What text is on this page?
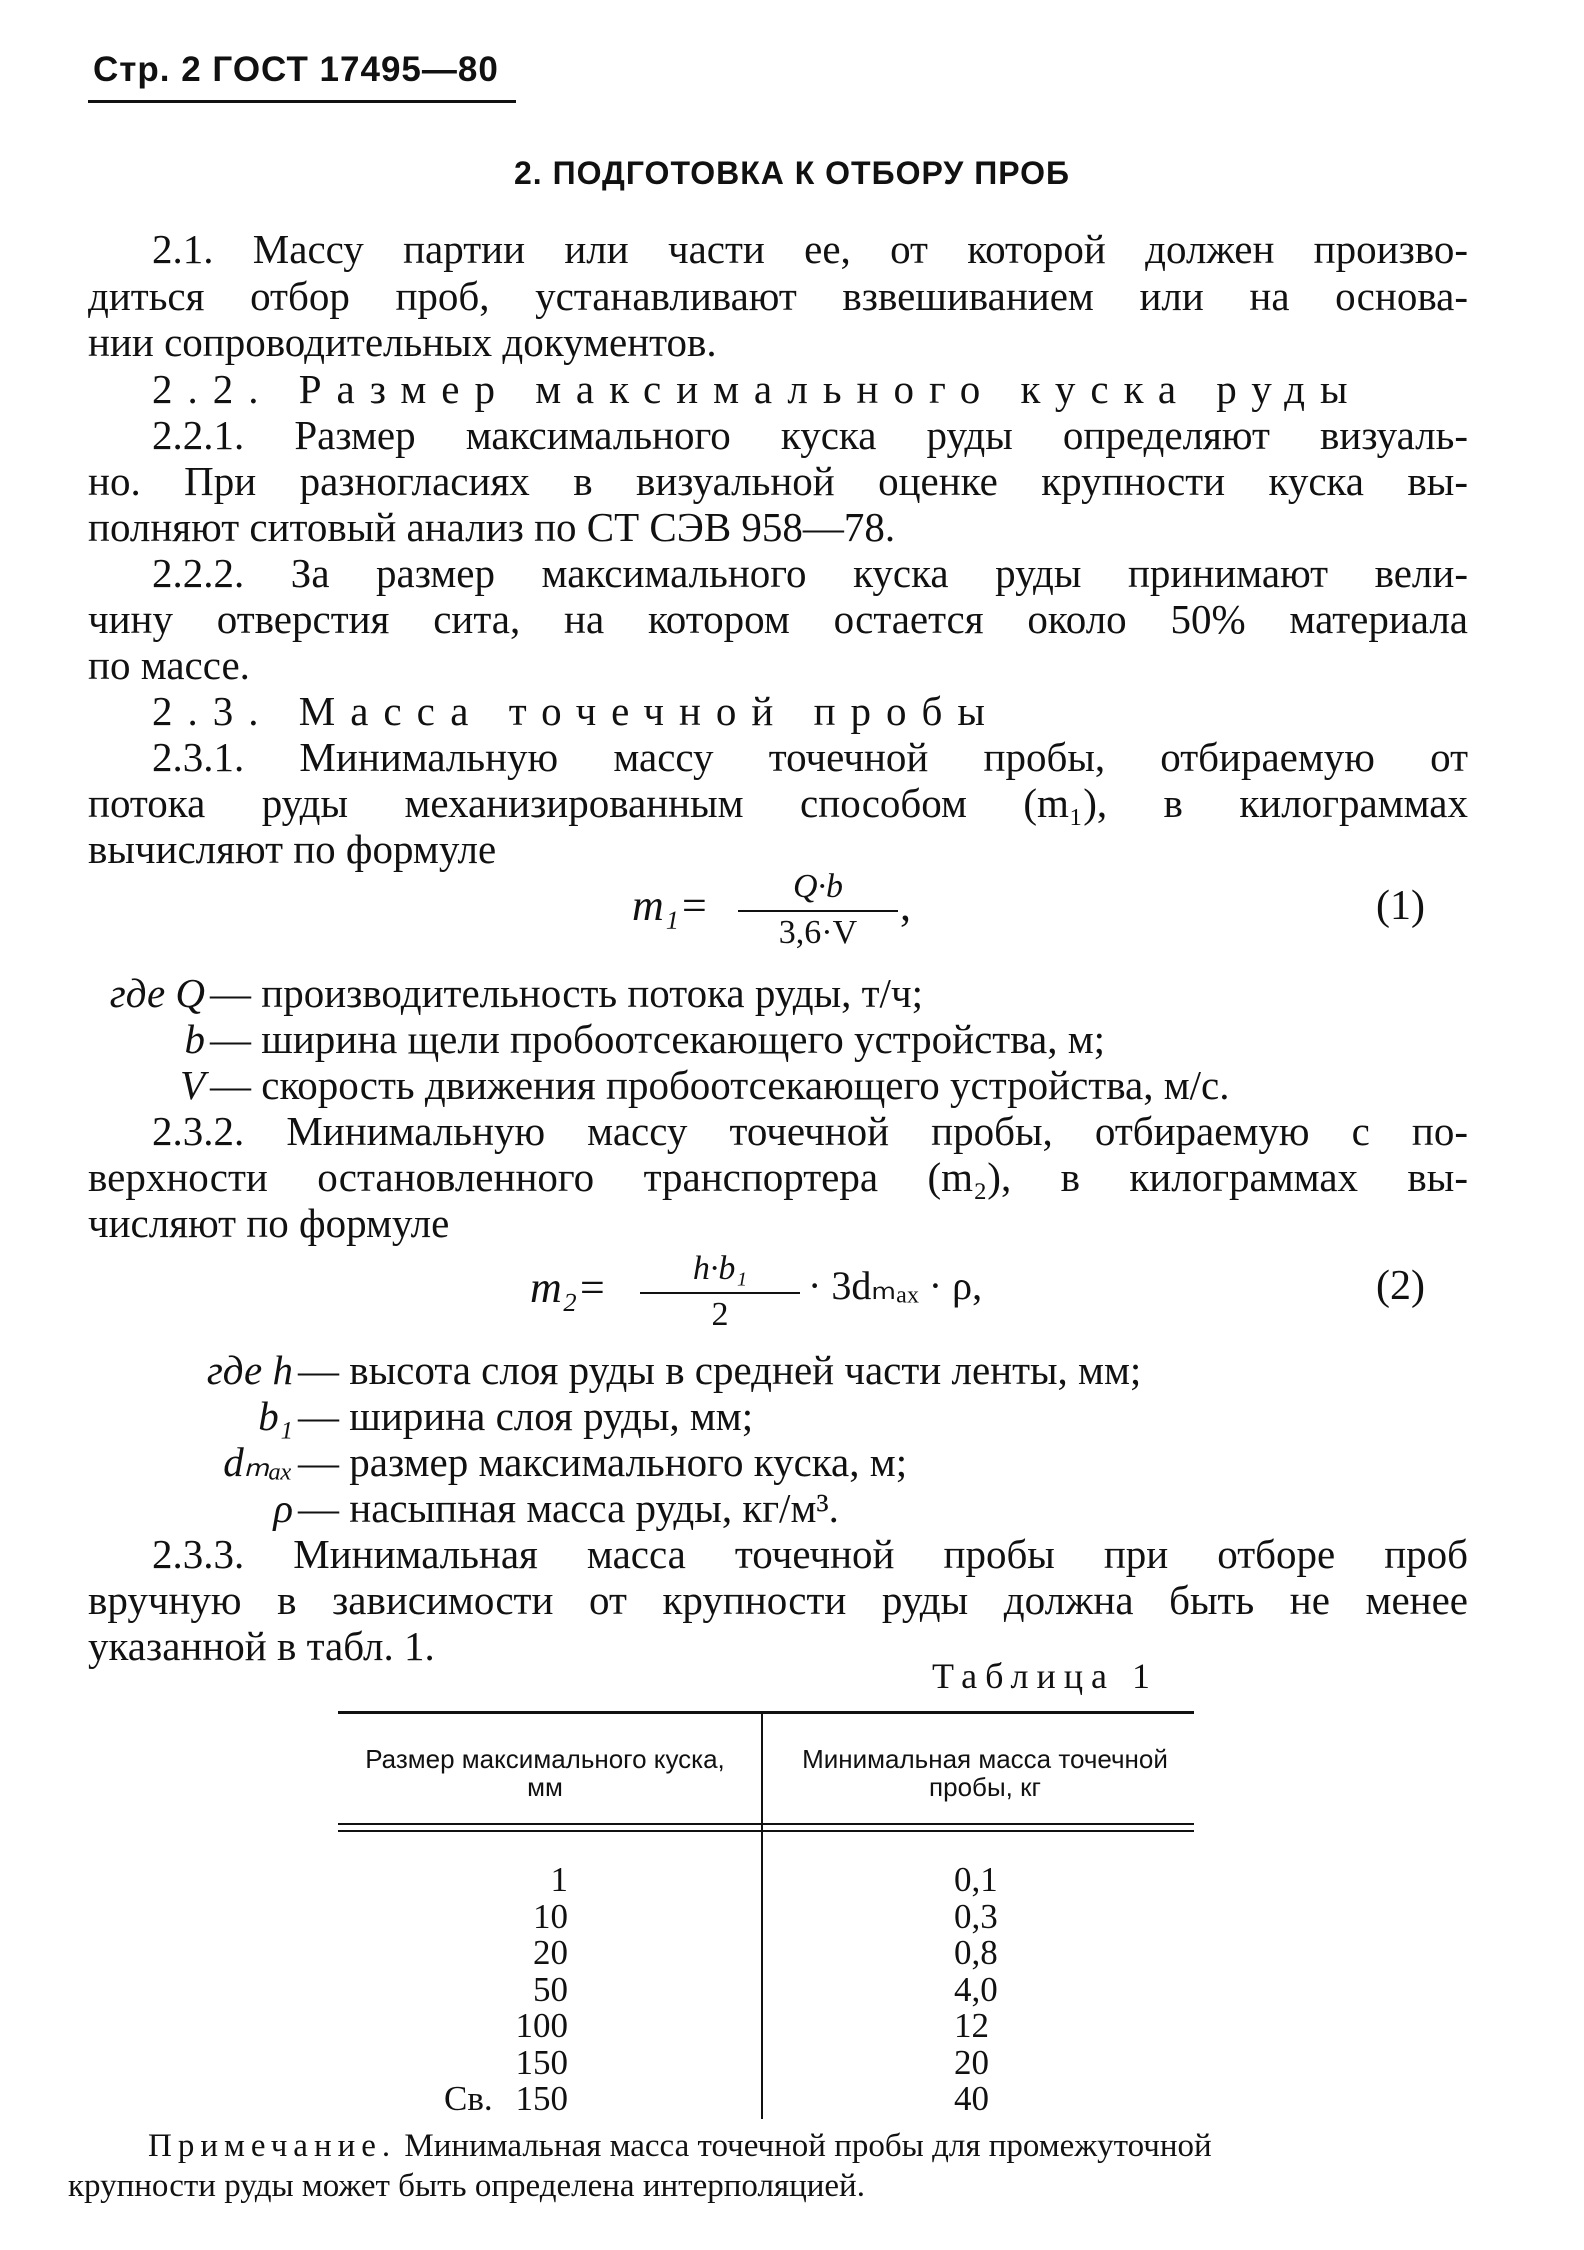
Стр. 2 ГОСТ 17495—80
2. ПОДГОТОВКА К ОТБОРУ ПРОБ
2.1. Массу партии или части ее, от которой должен произво-
диться отбор проб, устанавливают взвешиванием или на основа-
нии сопроводительных документов.
2.2. Размер максимального куска руды
2.2.1. Размер максимального куска руды определяют визуаль-
но. При разногласиях в визуальной оценке крупности куска вы-
полняют ситовый анализ по СТ СЭВ 958—78.
2.2.2. За размер максимального куска руды принимают вели-
чину отверстия сита, на котором остается около 50% материала
по массе.
2.3. Масса точечной пробы
2.3.1. Минимальную массу точечной пробы, отбираемую от
потока руды механизированным способом (m₁), в килограммах
вычисляют по формуле
m₁=	Q·b
3,6·V
,	(1)
где Q — производительность потока руды, т/ч;
b — ширина щели пробоотсекающего устройства, м;
V — скорость движения пробоотсекающего устройства, м/с.
2.3.2. Минимальную массу точечной пробы, отбираемую с по-
верхности остановленного транспортера (m₂), в килограммах вы-
числяют по формуле
m₂=	h·b₁
2
· 3dₘₐₓ · ρ,	(2)
где h — высота слоя руды в средней части ленты, мм;
b₁ — ширина слоя руды, мм;
dₘₐₓ — размер максимального куска, м;
ρ — насыпная масса руды, кг/м³.
2.3.3. Минимальная масса точечной пробы при отборе проб
вручную в зависимости от крупности руды должна быть не менее
указанной в табл. 1.
Таблица 1
Размер максимального куска, мм
Минимальная масса точечной пробы, кг
1	0,1
10	0,3
20	0,8
50	4,0
100	12
150	20
Св. 150	40
Примечание. Минимальная масса точечной пробы для промежуточной
крупности руды может быть определена интерполяцией.
